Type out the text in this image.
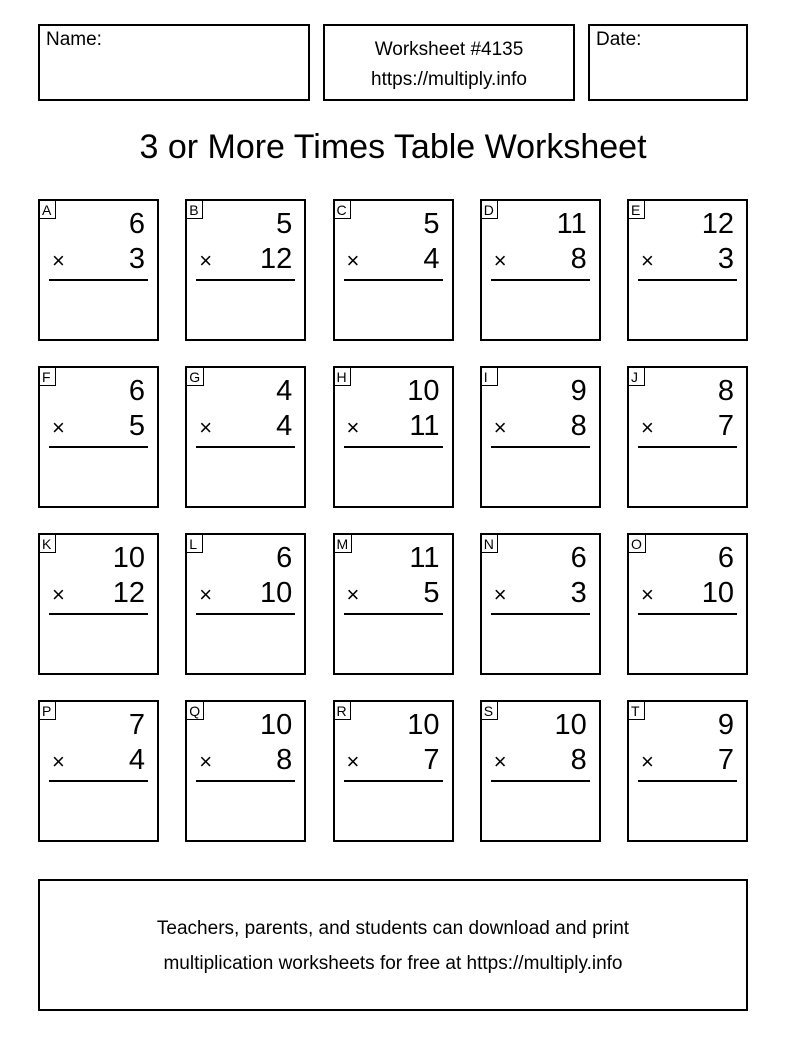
Name:	Worksheet #4135
https://multiply.info
Date:
3 or More Times Table Worksheet
A	6
× 3
B	5
× 12
C	5
× 4
D 11
× 8
E 12
× 3
F	6
× 5
G	4
× 4
H 10
× 11
I	9
× 8
J	8
× 7
K 10
× 12
L	6
× 10
M 11
× 5
N	6
× 3
O	6
× 10
P	7
× 4
Q 10
× 8
R 10
× 7
S 10
× 8
T	9
× 7
Teachers, parents, and students can download and print
multiplication worksheets for free at https://multiply.info
